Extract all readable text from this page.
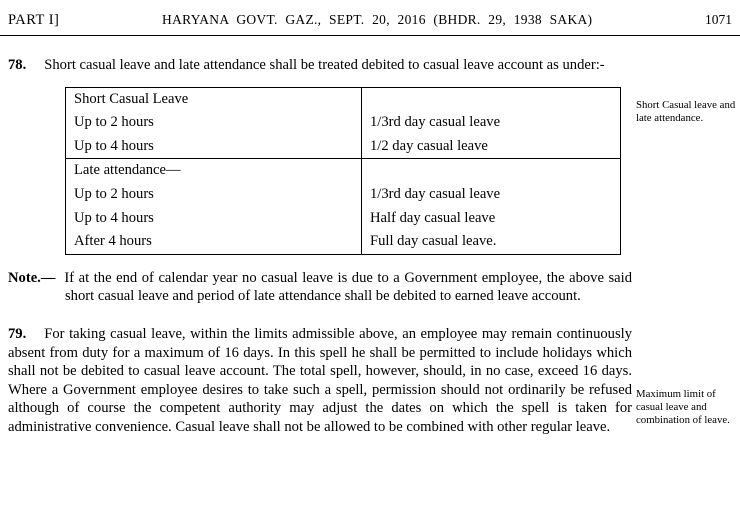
PART I]	HARYANA GOVT. GAZ., SEPT. 20, 2016 (BHDR. 29, 1938 SAKA)	1071

78. Short casual leave and late attendance shall be treated debited to casual leave account as under:-

Short Casual Leave	
Up to 2 hours	1/3rd day casual leave
Up to 4 hours	1/2 day casual leave
Late attendance—	
Up to 2 hours	1/3rd day casual leave
Up to 4 hours	Half day casual leave
After 4 hours	Full day casual leave.

Note.— If at the end of calendar year no casual leave is due to a Government employee, the above said short casual leave and period of late attendance shall be debited to earned leave account.

79. For taking casual leave, within the limits admissible above, an employee may remain continuously absent from duty for a maximum of 16 days. In this spell he shall be permitted to include holidays which shall not be debited to casual leave account. The total spell, however, should, in no case, exceed 16 days. Where a Government employee desires to take such a spell, permission should not ordinarily be refused although of course the competent authority may adjust the dates on which the spell is taken for administrative convenience. Casual leave shall not be allowed to be combined with other regular leave.

Short Casual leave and late attendance.
Maximum limit of casual leave and combination of leave.
